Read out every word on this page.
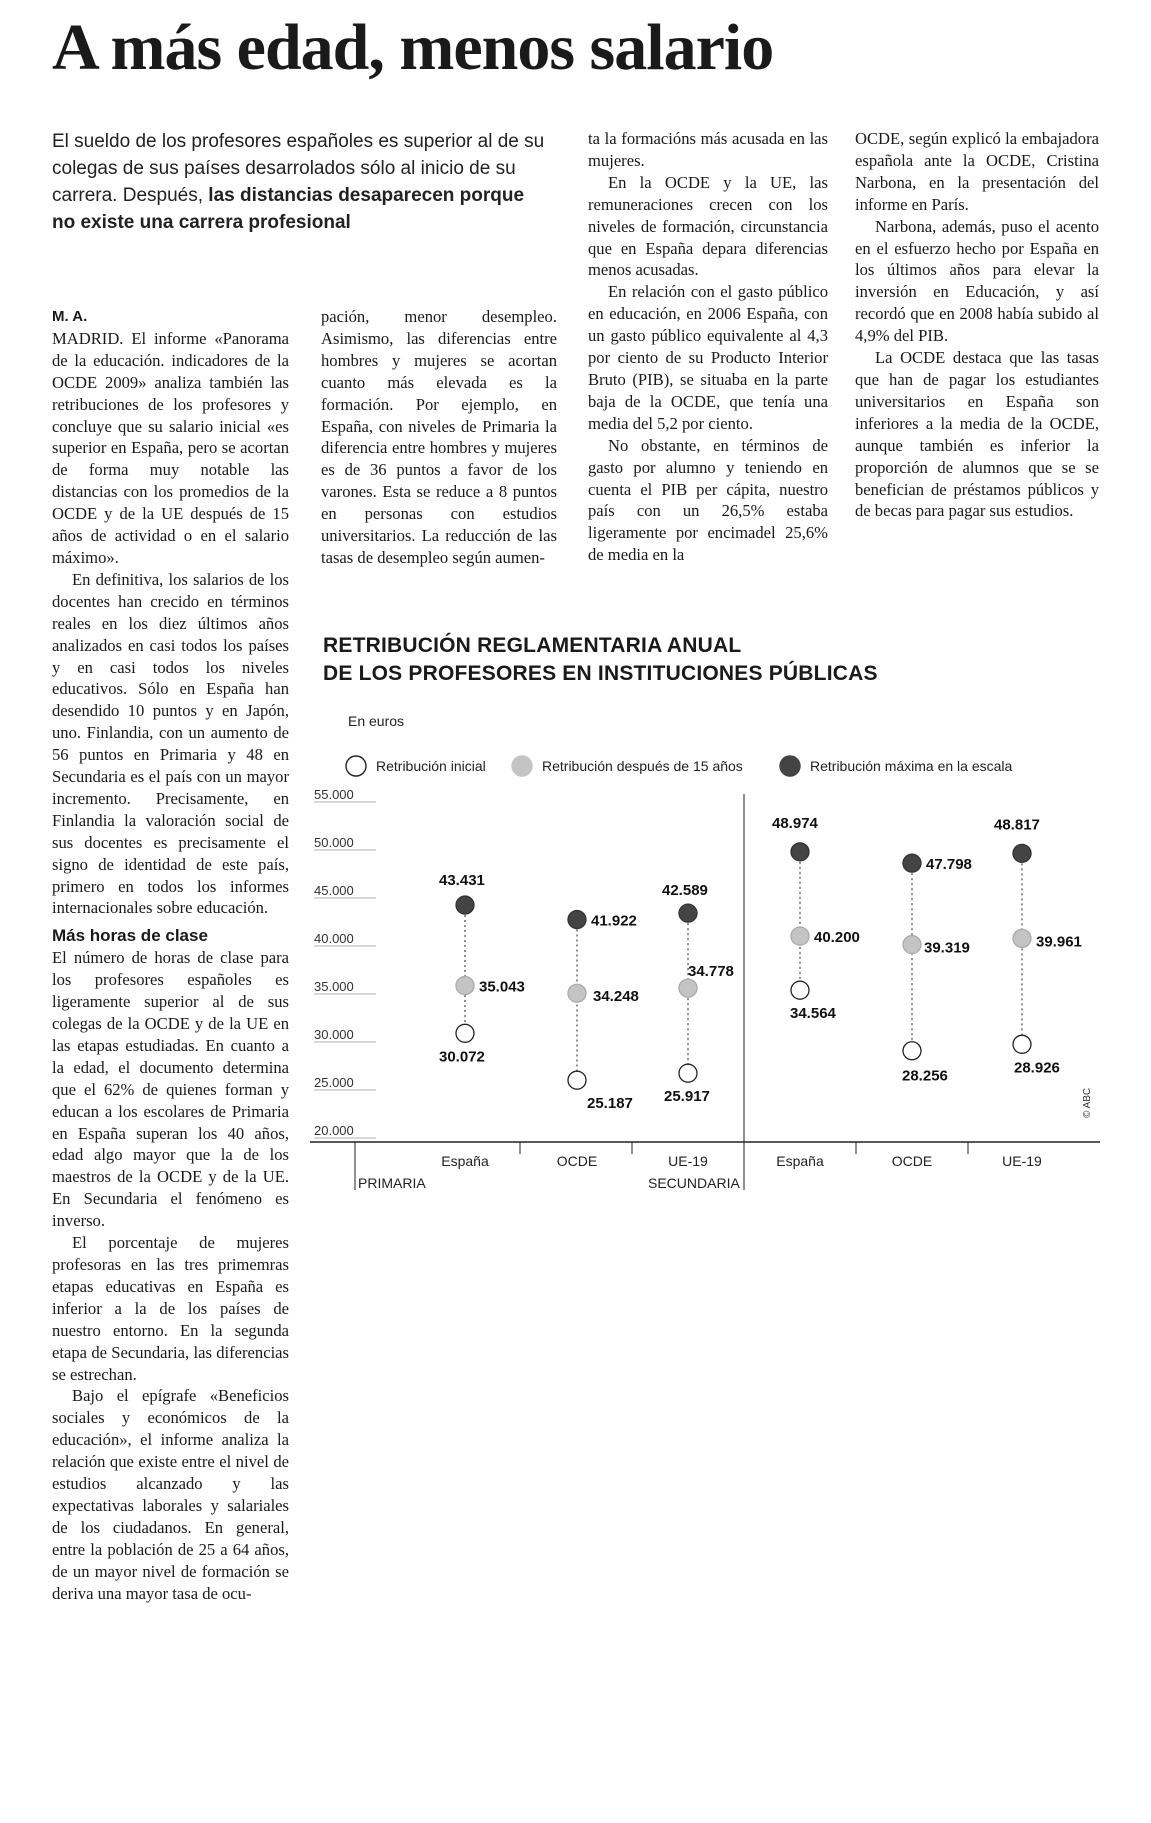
A más edad, menos salario
El sueldo de los profesores españoles es superior al de su colegas de sus países desarrolados sólo al inicio de su carrera. Después, las distancias desaparecen porque no existe una carrera profesional

M. A.

MADRID. El informe «Panorama de la educación. indicadores de la OCDE 2009» analiza también las retribuciones de los profesores y concluye que su salario inicial «es superior en España, pero se acortan de forma muy notable las distancias con los promedios de la OCDE y de la UE después de 15 años de actividad o en el salario máximo».

En definitiva, los salarios de los docentes han crecido en términos reales en los diez últimos años analizados en casi todos los países y en casi todos los niveles educativos. Sólo en España han desendido 10 puntos y en Japón, uno. Finlandia, con un aumento de 56 puntos en Primaria y 48 en Secundaria es el país con un mayor incremento. Precisamente, en Finlandia la valoración social de sus docentes es precisamente el signo de identidad de este país, primero en todos los informes internacionales sobre educación.

Más horas de clase

El número de horas de clase para los profesores españoles es ligeramente superior al de sus colegas de la OCDE y de la UE en las etapas estudiadas. En cuanto a la edad, el documento determina que el 62% de quienes forman y educan a los escolares de Primaria en España superan los 40 años, edad algo mayor que la de los maestros de la OCDE y de la UE. En Secundaria el fenómeno es inverso.

El porcentaje de mujeres profesoras en las tres primemras etapas educativas en España es inferior a la de los países de nuestro entorno. En la segunda etapa de Secundaria, las diferencias se estrechan.

Bajo el epígrafe «Beneficios sociales y económicos de la educación», el informe analiza la relación que existe entre el nivel de estudios alcanzado y las expectativas laborales y salariales de los ciudadanos. En general, entre la población de 25 a 64 años, de un mayor nivel de formación se deriva una mayor tasa de ocu-

pación, menor desempleo. Asimismo, las diferencias entre hombres y mujeres se acortan cuanto más elevada es la formación. Por ejemplo, en España, con niveles de Primaria la diferencia entre hombres y mujeres es de 36 puntos a favor de los varones. Esta se reduce a 8 puntos en personas con estudios universitarios. La reducción de las tasas de desempleo según aumen-

ta la formacións más acusada en las mujeres.

En la OCDE y la UE, las remuneraciones crecen con los niveles de formación, circunstancia que en España depara diferencias menos acusadas.

En relación con el gasto público en educación, en 2006 España, con un gasto público equivalente al 4,3 por ciento de su Producto Interior Bruto (PIB), se situaba en la parte baja de la OCDE, que tenía una media del 5,2 por ciento.

No obstante, en términos de gasto por alumno y teniendo en cuenta el PIB per cápita, nuestro país con un 26,5% estaba ligeramente por encimadel 25,6% de media en la

OCDE, según explicó la embajadora española ante la OCDE, Cristina Narbona, en la presentación del informe en París.

Narbona, además, puso el acento en el esfuerzo hecho por España en los últimos años para elevar la inversión en Educación, y así recordó que en 2008 había subido al 4,9% del PIB.

La OCDE destaca que las tasas que han de pagar los estudiantes universitarios en España son inferiores a la media de la OCDE, aunque también es inferior la proporción de alumnos que se se benefician de préstamos públicos y de becas para pagar sus estudios.

RETRIBUCIÓN REGLAMENTARIA ANUAL
DE LOS PROFESORES EN INSTITUCIONES PÚBLICAS
En euros
Retribución inicial	Retribución después de 15 años	Retribución máxima en la escala
20.000
25.000
30.000
35.000
40.000
45.000
50.000
55.000
España	OCDE	UE-19	España	OCDE	UE-19
PRIMARIA	SECUNDARIA
30.072
25.187 25.917
34.564
28.256	28.926
35.043
34.248
34.778
40.200
39.319	39.961
43.431
41.922
42.589
48.974
47.798
48.817
© ABC
